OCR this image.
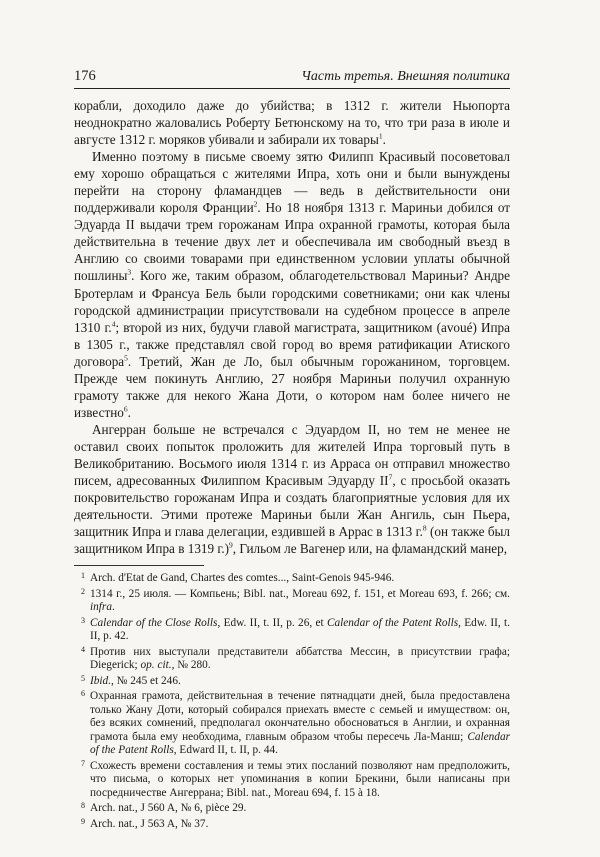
176	Часть третья. Внешняя политика

корабли, доходило даже до убийства; в 1312 г. жители Ньюпорта неоднократно жаловались Роберту Бетюнскому на то, что три раза в июле и августе 1312 г. моряков убивали и забирали их товары$^1$.

Именно поэтому в письме своему зятю Филипп Красивый посоветовал ему хорошо обращаться с жителями Ипра, хоть они и были вынуждены перейти на сторону фламандцев — ведь в действительности они поддерживали короля Франции$^2$. Но 18 ноября 1313 г. Мариньи добился от Эдуарда II выдачи трем горожанам Ипра охранной грамоты, которая была действительна в течение двух лет и обеспечивала им свободный въезд в Англию со своими товарами при единственном условии уплаты обычной пошлины$^3$. Кого же, таким образом, облагодетельствовал Мариньи? Андре Бротерлам и Франсуа Бель были городскими советниками; они как члены городской администрации присутствовали на судебном процессе в апреле 1310 г.$^4$; второй из них, будучи главой магистрата, защитником (avoué) Ипра в 1305 г., также представлял свой город во время ратификации Атиского договора$^5$. Третий, Жан де Ло, был обычным горожанином, торговцем. Прежде чем покинуть Англию, 27 ноября Мариньи получил охранную грамоту также для некого Жана Доти, о котором нам более ничего не известно$^6$.

Ангерран больше не встречался с Эдуардом II, но тем не менее не оставил своих попыток проложить для жителей Ипра торговый путь в Великобританию. Восьмого июля 1314 г. из Арраса он отправил множество писем, адресованных Филиппом Красивым Эдуарду $II^7$, с просьбой оказать покровительство горожанам Ипра и создать благоприятные условия для их деятельности. Этими протеже Мариньи были Жан Ангиль, сын Пьера, защитник Ипра и глава делегации, ездившей в Аррас в 1313 г.$^8$ (он также был защитником Ипра в 1319 г.)$^9$, Гильом ле Вагенер или, на фламандский манер,

1 Arch. d'Etat de Gand, Chartes des comtes..., Saint-Genois 945-946.
2 1314 г., 25 июля. — Компьень; Bibl. nat., Moreau 692, f. 151, et Moreau 693, f. 266; см. infra.
3 Calendar of the Close Rolls, Edw. II, t. II, p. 26, et Calendar of the Patent Rolls, Edw. II, t. II, p. 42.
4 Против них выступали представители аббатства Мессин, в присутствии графа; Diegerick; op. cit., № 280.
5 Ibid., № 245 et 246.
6 Охранная грамота, действительная в течение пятнадцати дней, была предоставлена только Жану Доти, который собирался приехать вместе с семьей и имуществом: он, без всяких сомнений, предполагал окончательно обосноваться в Англии, и охранная грамота была ему необходима, главным образом чтобы пересечь Ла-Манш; Calendar of the Patent Rolls, Edward II, t. II, p. 44.
7 Схожесть времени составления и темы этих посланий позволяют нам предположить, что письма, о которых нет упоминания в копии Брекини, были написаны при посредничестве Ангеррана; Bibl. nat., Moreau 694, f. 15 à 18.
8 Arch. nat., J 560 A, № 6, pièce 29.
9 Arch. nat., J 563 A, № 37.
